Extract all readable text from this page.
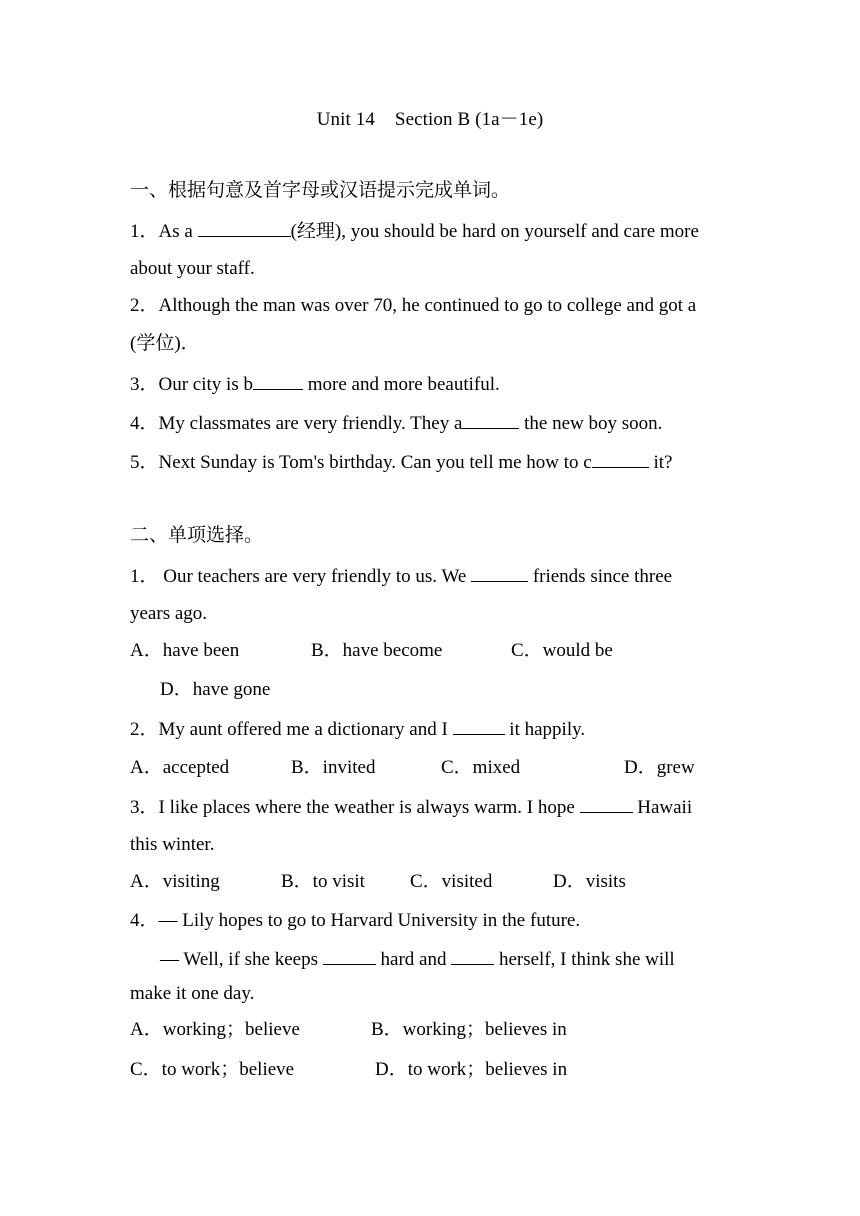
Unit 14 Section B (1a－1e)
一、根据句意及首字母或汉语提示完成单词。
1．As a	(经理), you should be hard on yourself and care more
about your staff.
2．Although the man was over 70, he continued to go to college and got a
(学位)．
3．Our city is b	more and more beautiful.
4．My classmates are very friendly. They a	the new boy soon.
5．Next Sunday is Tom's birthday. Can you tell me how to c	it?
二、单项选择。
1． Our teachers are very friendly to us. We	friends since three
years ago.
A．have been	B．have become	C．would be
D．have gone
2．My aunt offered me a dictionary and I	it happily.
A．accepted	B．invited	C．mixed	D．grew
3．I like places where the weather is always warm. I hope	Hawaii
this winter.
A．visiting	B．to visit C．visited	D．visits
4．— Lily hopes to go to Harvard University in the future.
— Well, if she keeps	hard and  herself, I think she will
make it one day.
A．working；believe	B．working；believes in
C．to work；believe	D．to work；believes in
